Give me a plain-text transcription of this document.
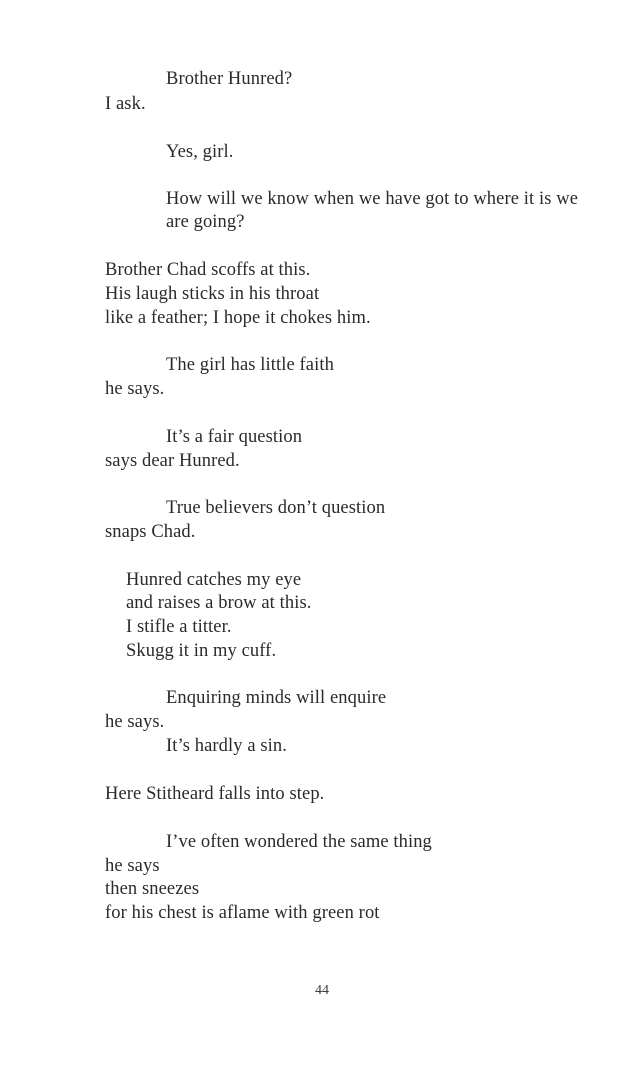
Brother Hunred?
I ask.
Yes, girl.
How will we know when we have got to where it is we
are going?
Brother Chad scoffs at this.
His laugh sticks in his throat
like a feather; I hope it chokes him.
The girl has little faith
he says.
It’s a fair question
says dear Hunred.
True believers don’t question
snaps Chad.
Hunred catches my eye
and raises a brow at this.
I stifle a titter.
Skugg it in my cuff.
Enquiring minds will enquire
he says.
It’s hardly a sin.
Here Stitheard falls into step.
I’ve often wondered the same thing
he says
then sneezes
for his chest is aflame with green rot
44
